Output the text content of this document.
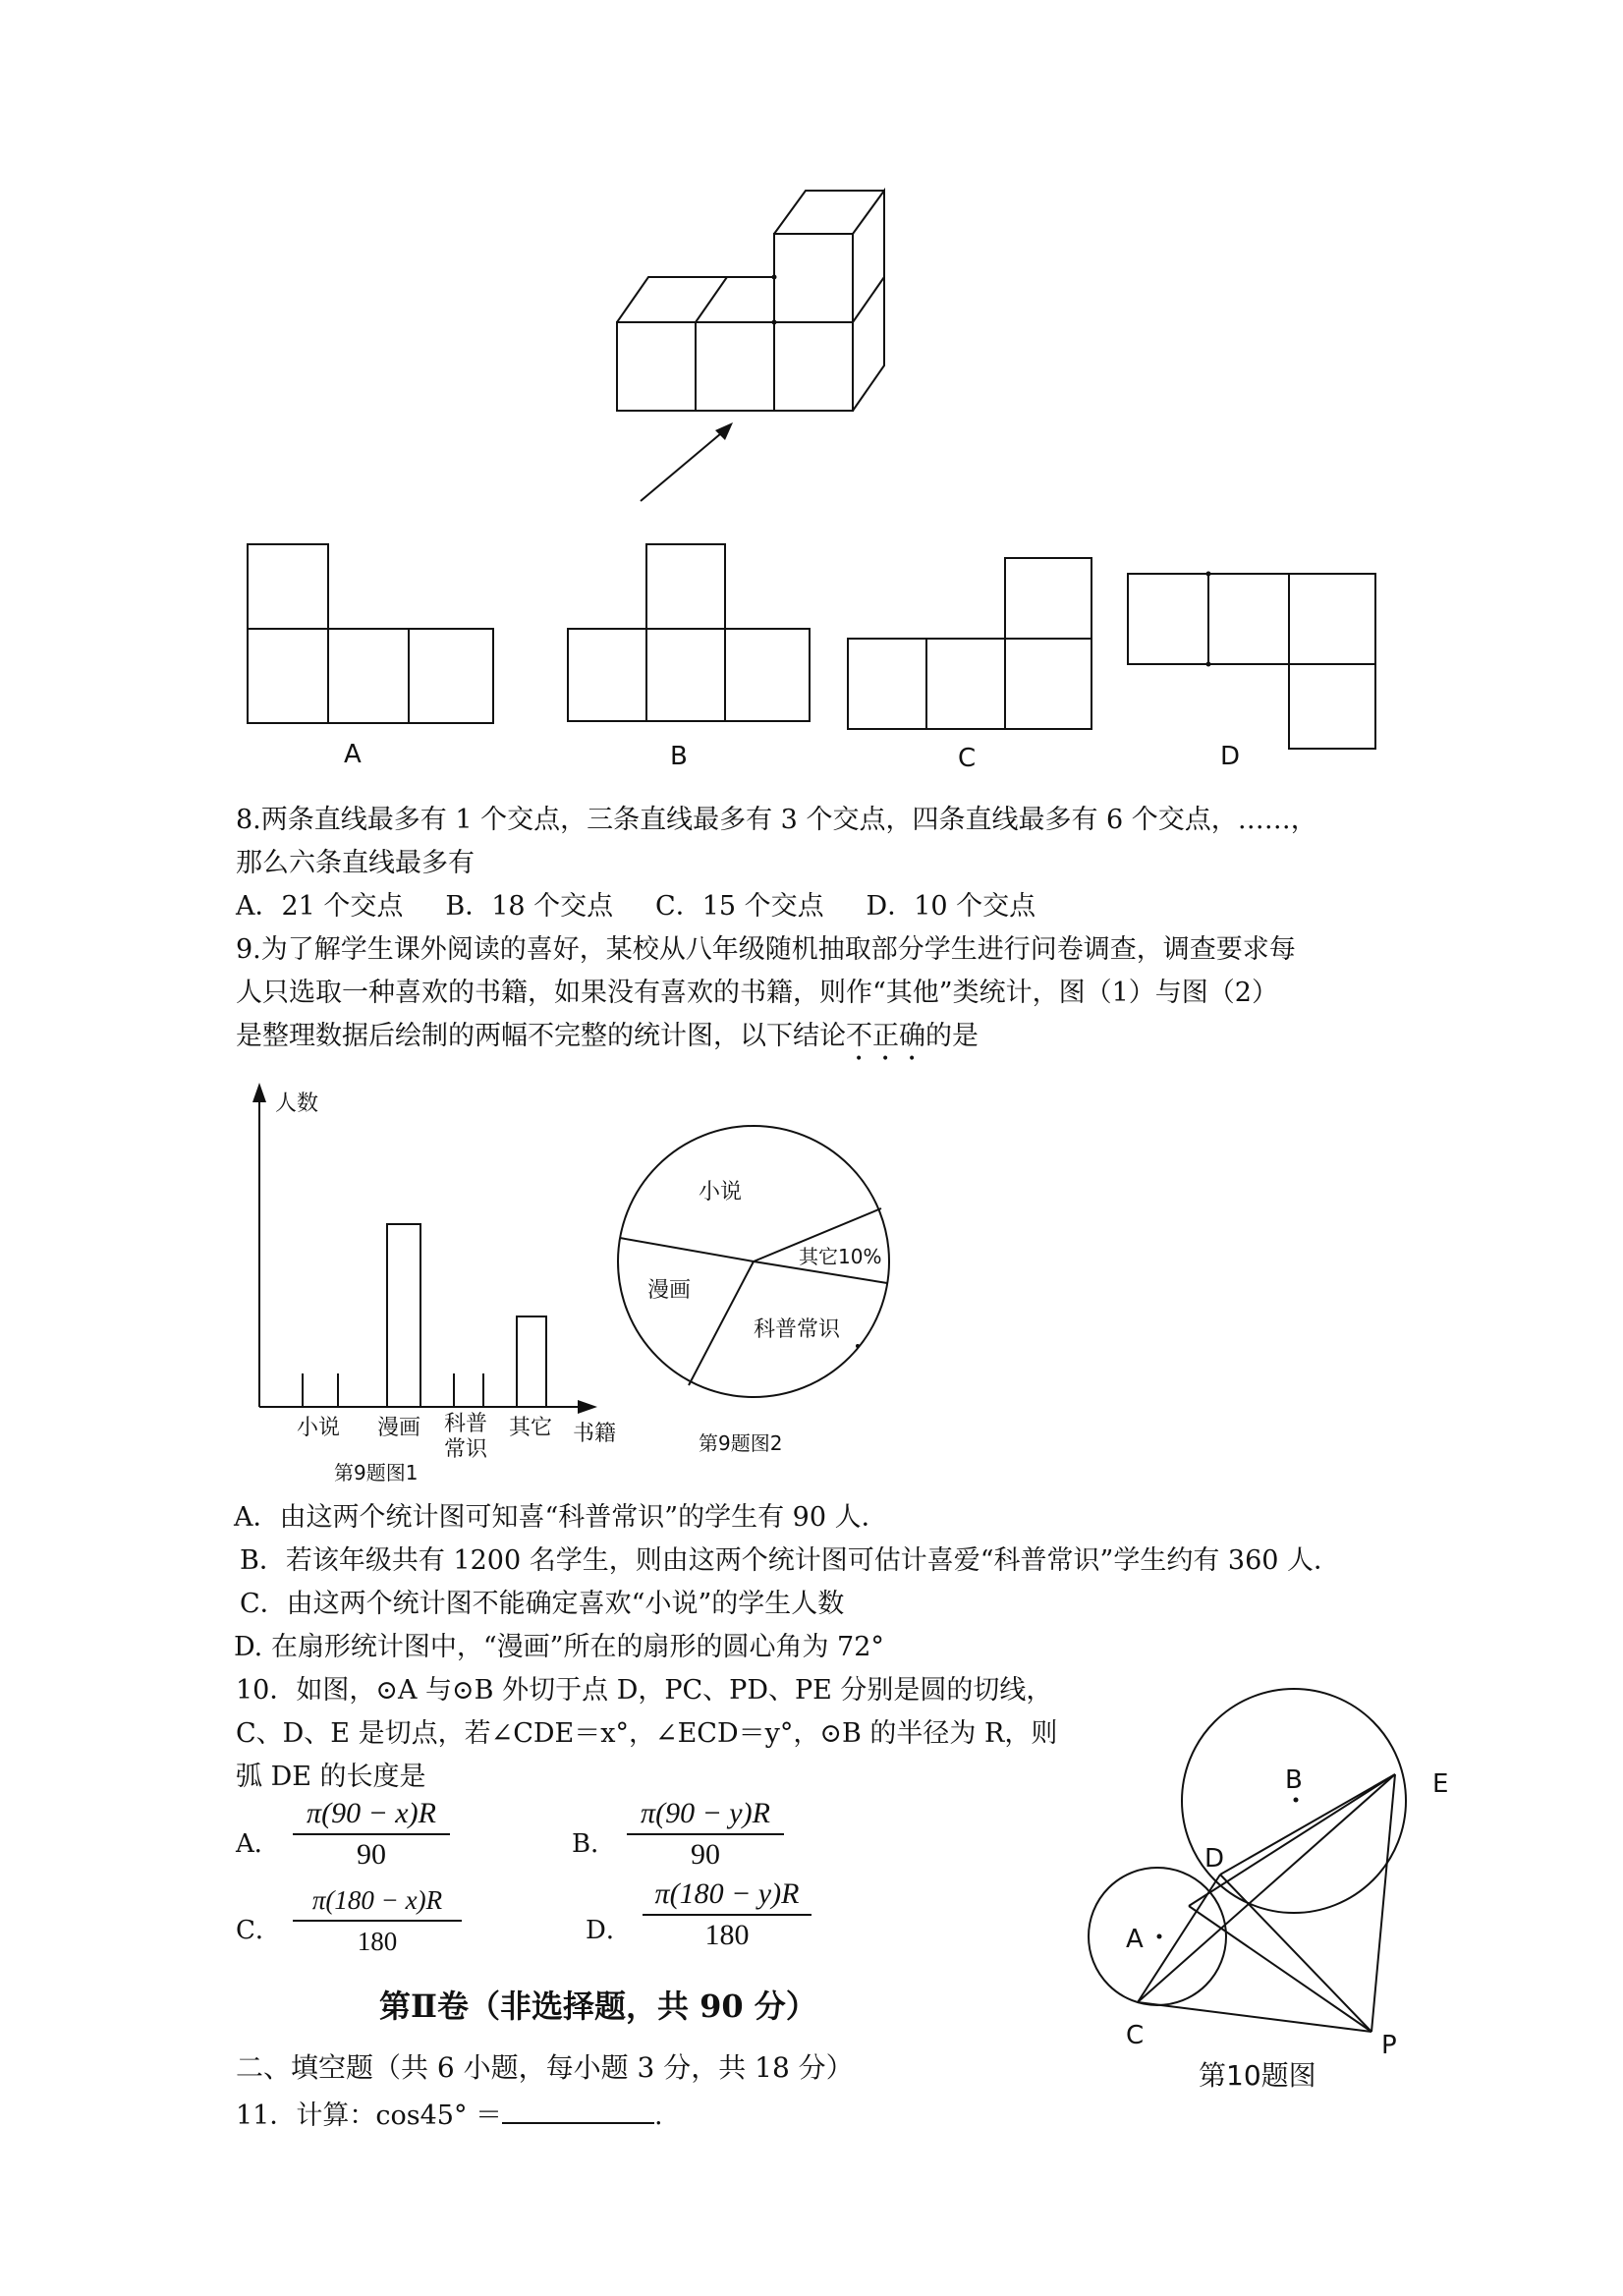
A	B	C	D
8.两条直线最多有 1 个交点，三条直线最多有 3 个交点，四条直线最多有 6 个交点，……，
那么六条直线最多有
A．21 个交点     B．18 个交点     C．15 个交点     D．10 个交点
9.为了解学生课外阅读的喜好，某校从八年级随机抽取部分学生进行问卷调查，调查要求每
人只选取一种喜欢的书籍，如果没有喜欢的书籍，则作“其他”类统计，图（1）与图（2）
是整理数据后绘制的两幅不完整的统计图，以下结论不正确的是
人数
书籍
小说 漫画 科普
常识
其它
第9题图1
小说
其它10%
漫画
科普常识
第9题图2
A．由这两个统计图可知喜“科普常识”的学生有 90 人．
B．若该年级共有 1200 名学生，则由这两个统计图可估计喜爱“科普常识”学生约有 360 人．
C．由这两个统计图不能确定喜欢“小说”的学生人数
D. 在扇形统计图中，“漫画”所在的扇形的圆心角为 72°
10．如图，⊙A 与⊙B 外切于点 D，PC、PD、PE 分别是圆的切线，
C、D、E 是切点，若∠CDE＝x°，∠ECD＝y°，⊙B 的半径为 R，则
弧 DE 的长度是
A． $\frac{\pi(90 - x)R}{90}$	B． $\frac{\pi(90 - y)R}{90}$
C． $\frac{\pi(180 - x)R}{180}$	D． $\frac{\pi(180 - y)R}{180}$
B	E
D
A
C	P
第10题图
第Ⅱ卷（非选择题，共 90 分）
二、填空题（共 6 小题，每小题 3 分，共 18 分）
11．计算：cos45° ＝	.
